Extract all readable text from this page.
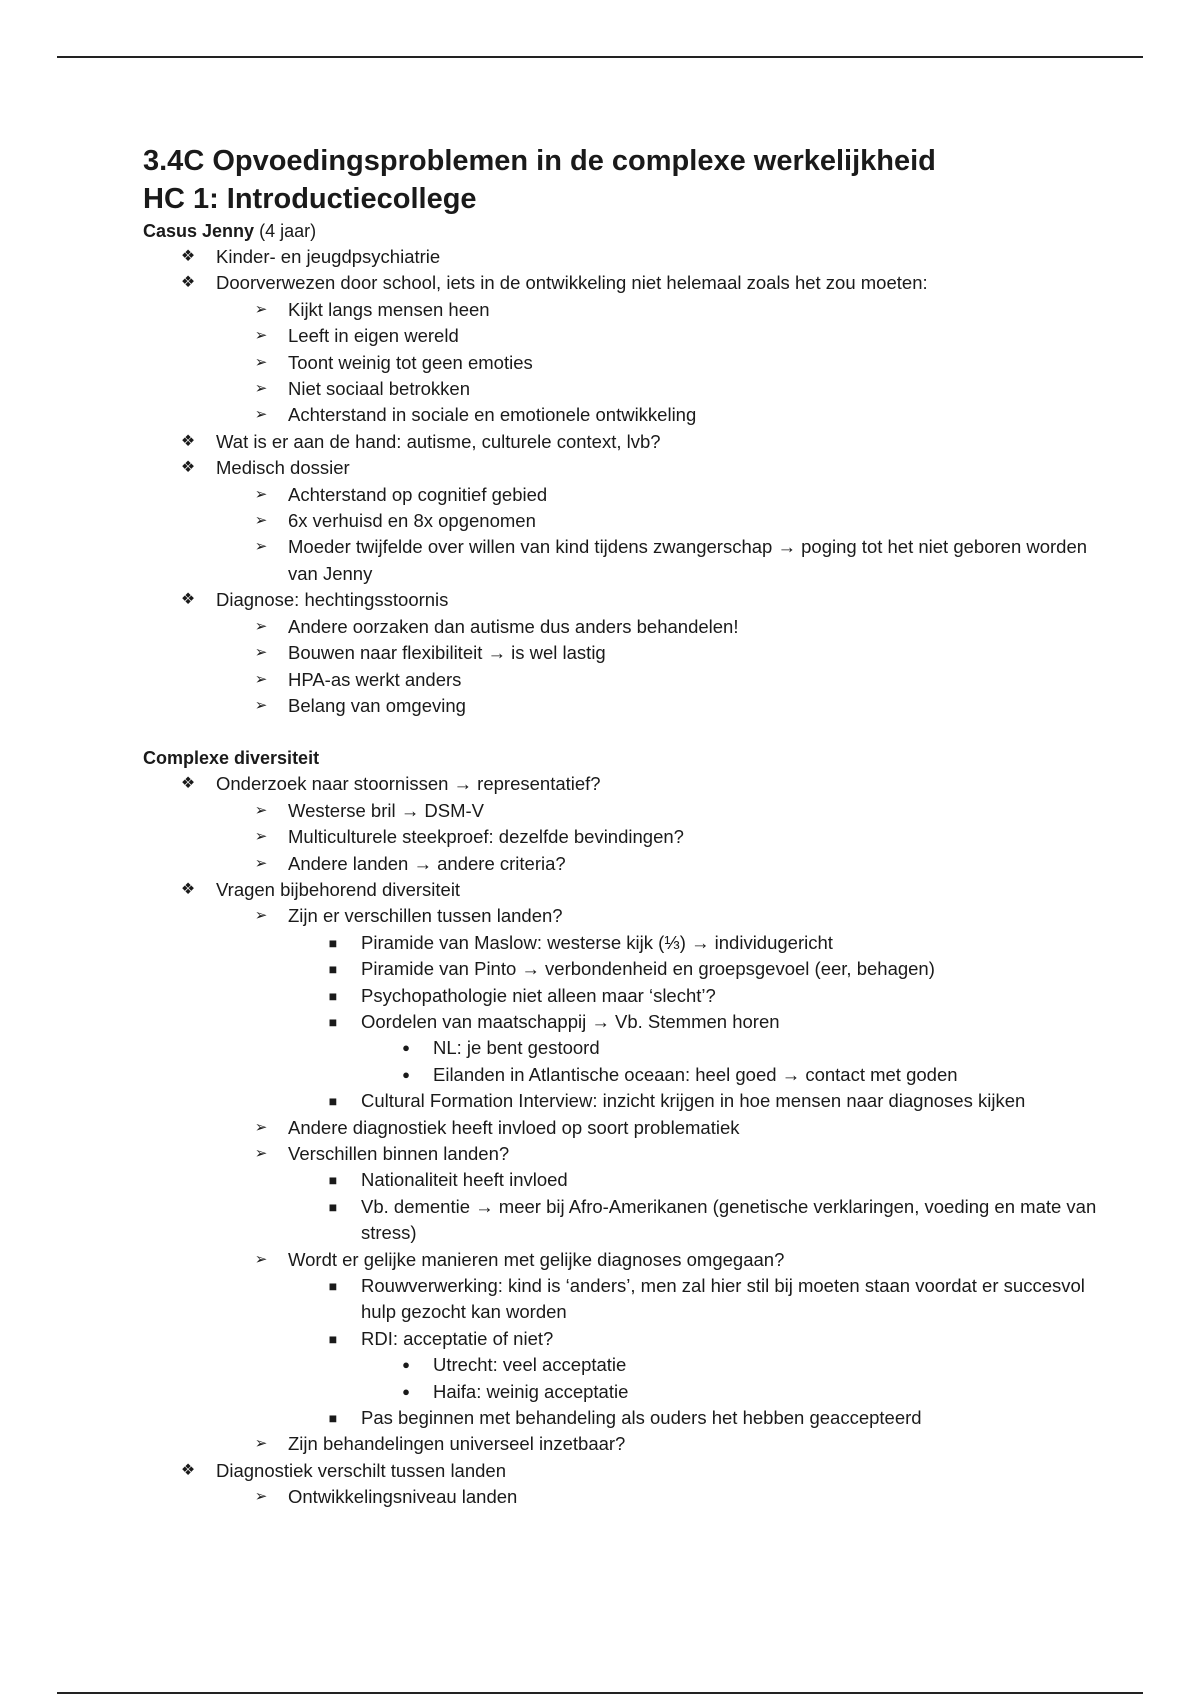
3.4C Opvoedingsproblemen in de complexe werkelijkheid
HC 1: Introductiecollege
Casus Jenny (4 jaar)
❖ Kinder- en jeugdpsychiatrie
❖ Doorverwezen door school, iets in de ontwikkeling niet helemaal zoals het zou moeten:
➢ Kijkt langs mensen heen
➢ Leeft in eigen wereld
➢ Toont weinig tot geen emoties
➢ Niet sociaal betrokken
➢ Achterstand in sociale en emotionele ontwikkeling
❖ Wat is er aan de hand: autisme, culturele context, lvb?
❖ Medisch dossier
➢ Achterstand op cognitief gebied
➢ 6x verhuisd en 8x opgenomen
➢ Moeder twijfelde over willen van kind tijdens zwangerschap → poging tot het niet geboren worden van Jenny
❖ Diagnose: hechtingsstoornis
➢ Andere oorzaken dan autisme dus anders behandelen!
➢ Bouwen naar flexibiliteit → is wel lastig
➢ HPA-as werkt anders
➢ Belang van omgeving
Complexe diversiteit
❖ Onderzoek naar stoornissen → representatief?
➢ Westerse bril → DSM-V
➢ Multiculturele steekproef: dezelfde bevindingen?
➢ Andere landen → andere criteria?
❖ Vragen bijbehorend diversiteit
➢ Zijn er verschillen tussen landen?
■	Piramide van Maslow: westerse kijk (⅓) → individugericht
■	Piramide van Pinto → verbondenheid en groepsgevoel (eer, behagen)
■	Psychopathologie niet alleen maar ‘slecht’?
■	Oordelen van maatschappij → Vb. Stemmen horen
●	NL: je bent gestoord
●	Eilanden in Atlantische oceaan: heel goed → contact met goden
■	Cultural Formation Interview: inzicht krijgen in hoe mensen naar diagnoses kijken
➢ Andere diagnostiek heeft invloed op soort problematiek
➢ Verschillen binnen landen?
■	Nationaliteit heeft invloed
■	Vb. dementie → meer bij Afro-Amerikanen (genetische verklaringen, voeding en mate van stress)
➢ Wordt er gelijke manieren met gelijke diagnoses omgegaan?
■	Rouwverwerking: kind is ‘anders’, men zal hier stil bij moeten staan voordat er succesvol hulp gezocht kan worden
■	RDI: acceptatie of niet?
●	Utrecht: veel acceptatie
●	Haifa: weinig acceptatie
■	Pas beginnen met behandeling als ouders het hebben geaccepteerd
➢ Zijn behandelingen universeel inzetbaar?
❖ Diagnostiek verschilt tussen landen
➢ Ontwikkelingsniveau landen
